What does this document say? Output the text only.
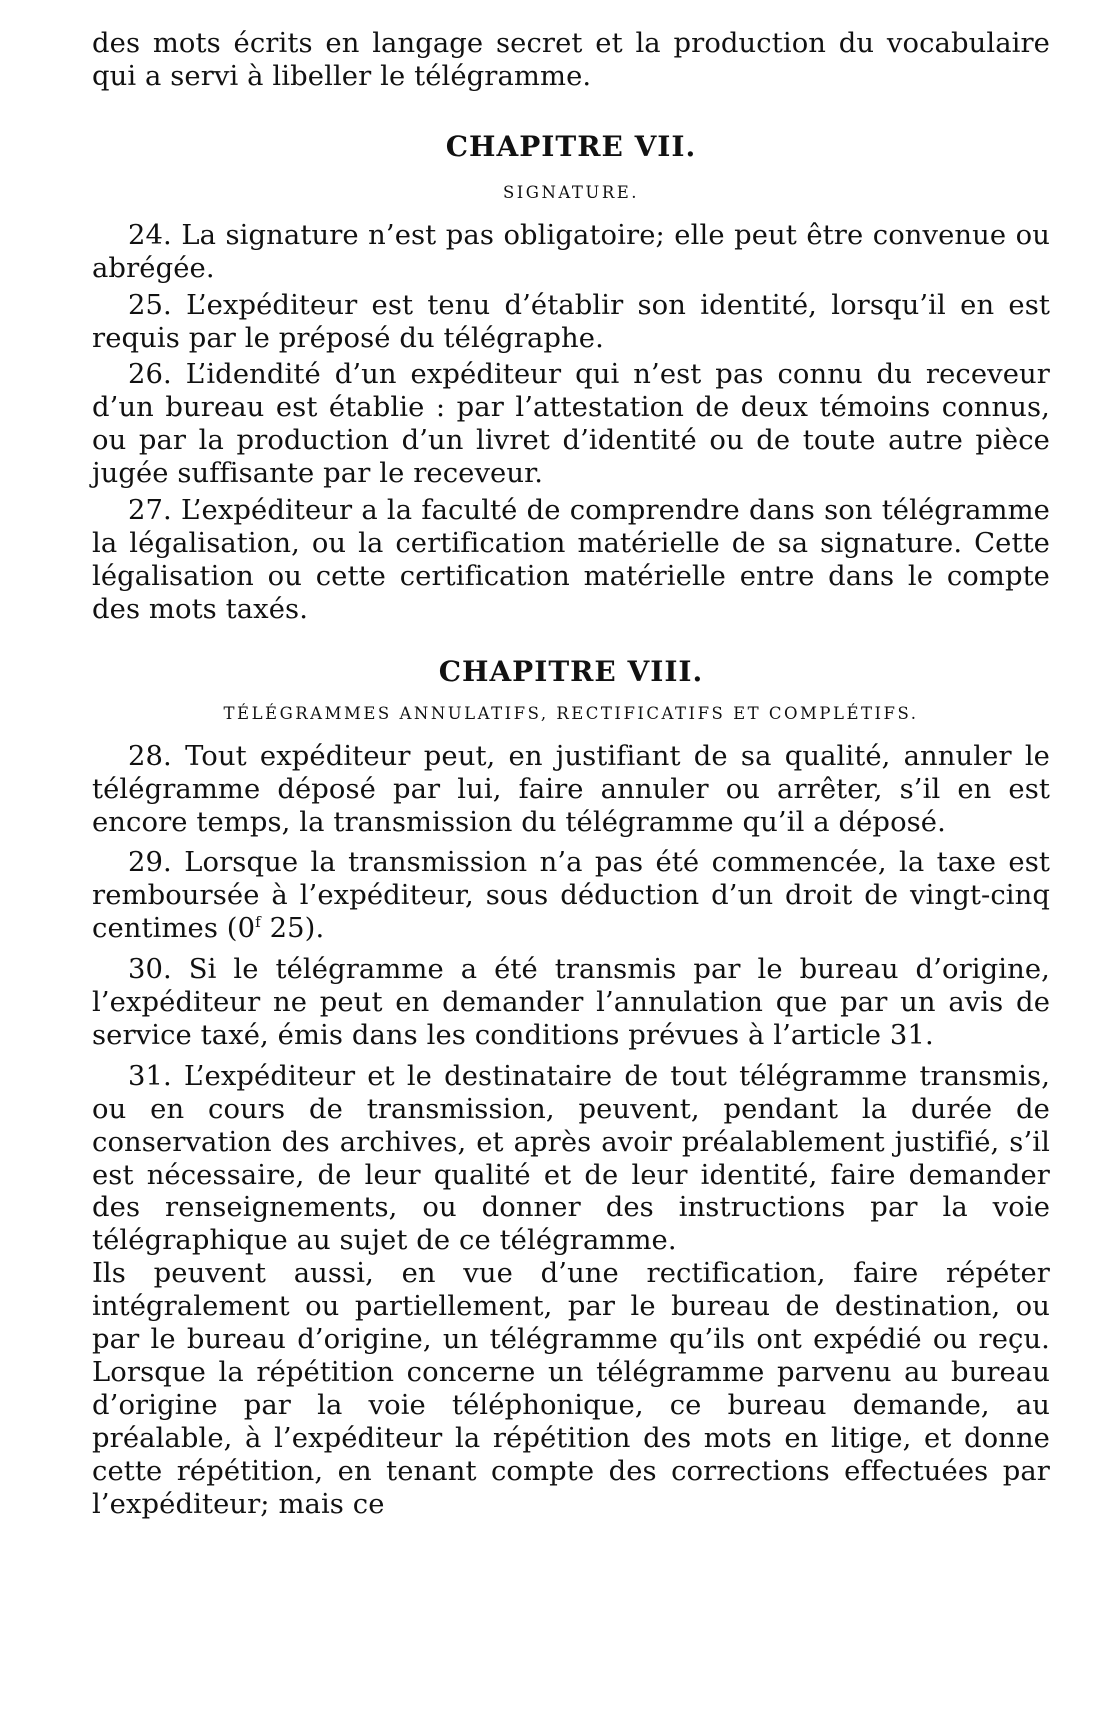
des mots écrits en langage secret et la production du vocabulaire qui a servi à libeller le télégramme.

CHAPITRE VII.
SIGNATURE.

24. La signature n’est pas obligatoire; elle peut être convenue ou abrégée.

25. L’expéditeur est tenu d’établir son identité, lorsqu’il en est requis par le préposé du télégraphe.

26. L’idendité d’un expéditeur qui n’est pas connu du receveur d’un bureau est établie : par l’attestation de deux témoins connus, ou par la production d’un livret d’identité ou de toute autre pièce jugée suffisante par le receveur.

27. L’expéditeur a la faculté de comprendre dans son télégramme la légalisation, ou la certification matérielle de sa signature. Cette légalisation ou cette certification matérielle entre dans le compte des mots taxés.

CHAPITRE VIII.
TÉLÉGRAMMES ANNULATIFS, RECTIFICATIFS ET COMPLÉTIFS.

28. Tout expéditeur peut, en justifiant de sa qualité, annuler le télégramme déposé par lui, faire annuler ou arrêter, s’il en est encore temps, la transmission du télégramme qu’il a déposé.

29. Lorsque la transmission n’a pas été commencée, la taxe est remboursée à l’expéditeur, sous déduction d’un droit de vingt-cinq centimes (0$^f$ 25).

30. Si le télégramme a été transmis par le bureau d’origine, l’expéditeur ne peut en demander l’annulation que par un avis de service taxé, émis dans les conditions prévues à l’article 31.

31. L’expéditeur et le destinataire de tout télégramme transmis, ou en cours de transmission, peuvent, pendant la durée de conservation des archives, et après avoir préalablement justifié, s’il est nécessaire, de leur qualité et de leur identité, faire demander des renseignements, ou donner des instructions par la voie télégraphique au sujet de ce télégramme.

Ils peuvent aussi, en vue d’une rectification, faire répéter intégralement ou partiellement, par le bureau de destination, ou par le bureau d’origine, un télégramme qu’ils ont expédié ou reçu. Lorsque la répétition concerne un télégramme parvenu au bureau d’origine par la voie téléphonique, ce bureau demande, au préalable, à l’expéditeur la répétition des mots en litige, et donne cette répétition, en tenant compte des corrections effectuées par l’expéditeur; mais ce
